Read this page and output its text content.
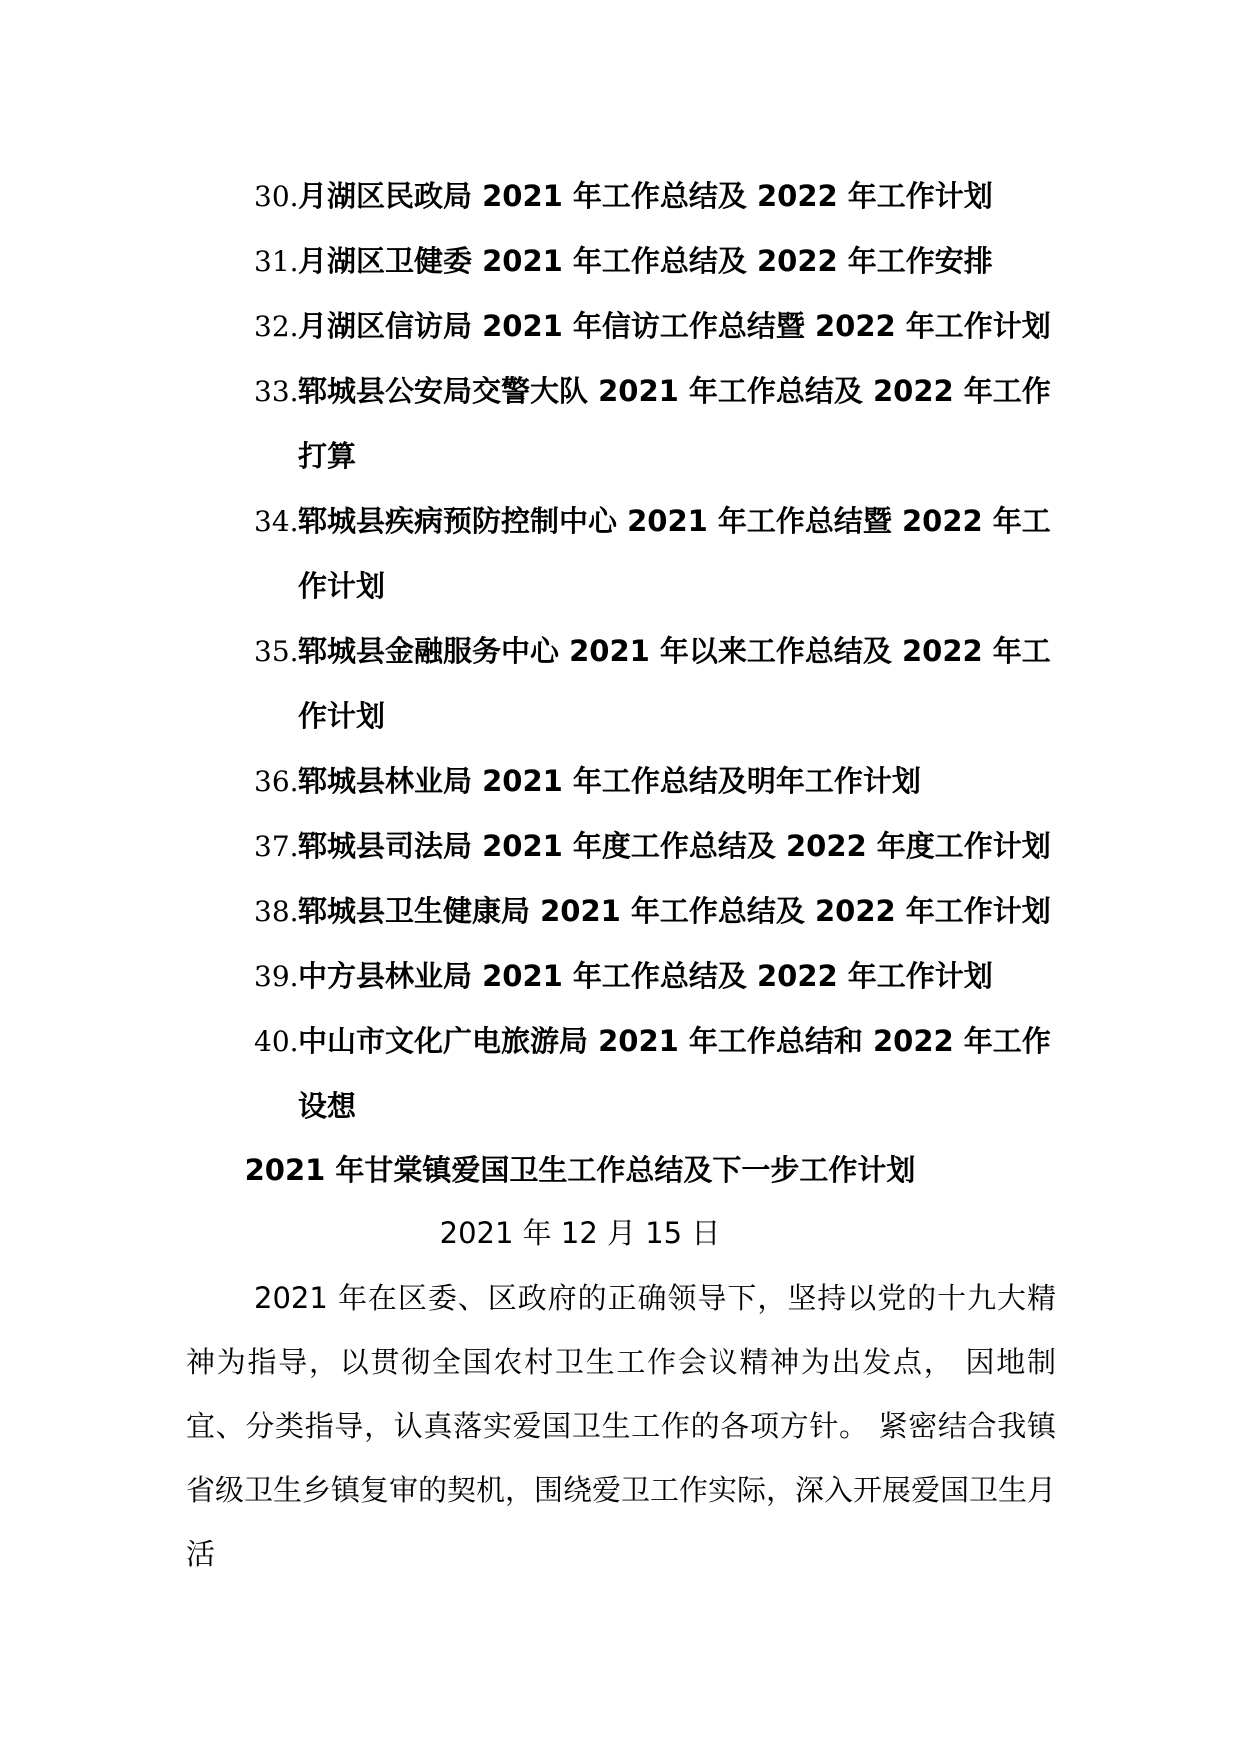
30. 月湖区民政局 2021 年工作总结及 2022 年工作计划
31. 月湖区卫健委 2021 年工作总结及 2022 年工作安排
32. 月湖区信访局 2021 年信访工作总结暨 2022 年工作计划
33. 郓城县公安局交警大队 2021 年工作总结及 2022 年工作打算
34. 郓城县疾病预防控制中心 2021 年工作总结暨 2022 年工作计划
35. 郓城县金融服务中心 2021 年以来工作总结及 2022 年工作计划
36. 郓城县林业局 2021 年工作总结及明年工作计划
37. 郓城县司法局 2021 年度工作总结及 2022 年度工作计划
38. 郓城县卫生健康局 2021 年工作总结及 2022 年工作计划
39. 中方县林业局 2021 年工作总结及 2022 年工作计划
40. 中山市文化广电旅游局 2021 年工作总结和 2022 年工作设想
2021 年甘棠镇爱国卫生工作总结及下一步工作计划
2021 年 12 月 15 日

2021 年在区委、区政府的正确领导下，坚持以党的十九大精神为指导，以贯彻全国农村卫生工作会议精神为出发点， 因地制宜、分类指导，认真落实爱国卫生工作的各项方针。 紧密结合我镇省级卫生乡镇复审的契机，围绕爱卫工作实际，深入开展爱国卫生月活
